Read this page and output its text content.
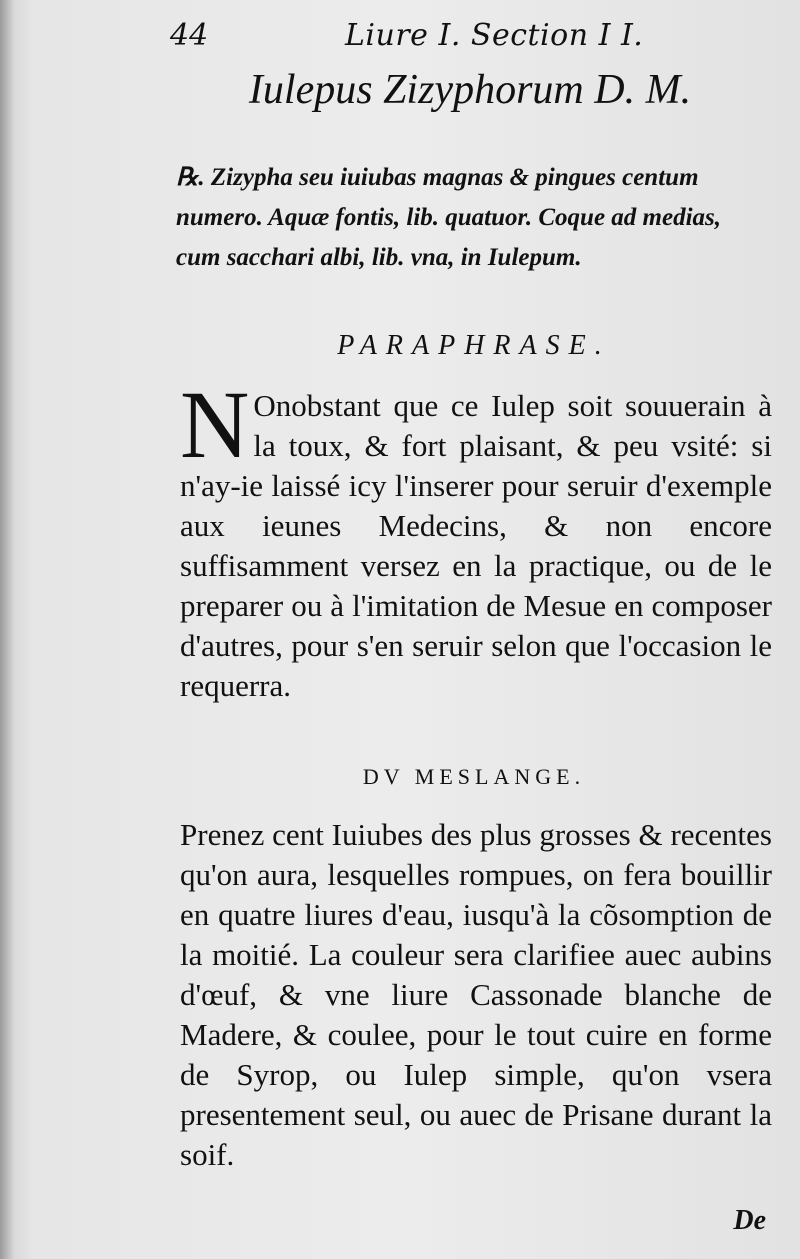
44	Liure I. Section I I.
Iulepus Zizyphorum D. M.
℞. Zizypha seu iuiubas magnas & pingues centum numero. Aquæ fontis, lib. quatuor. Coque ad medias, cum sacchari albi, lib. vna, in Iulepum.
PARAPHRASE.
N Onobstant que ce Iulep soit souuerain à la toux, & fort plaisant, & peu vsité: si n'ay-ie laissé icy l'inserer pour seruir d'exemple aux ieunes Medecins, & non encore suffisamment versez en la practique, ou de le preparer ou à l'imitation de Mesue en composer d'autres, pour s'en seruir selon que l'occasion le requerra.
DV MESLANGE.
Prenez cent Iuiubes des plus grosses & recentes qu'on aura, lesquelles rompues, on fera bouillir en quatre liures d'eau, iusqu'à la cõsomption de la moitié. La couleur sera clarifiee auec aubins d'œuf, & vne liure Cassonade blanche de Madere, & coulee, pour le tout cuire en forme de Syrop, ou Iulep simple, qu'on vsera presentement seul, ou auec de Prisane durant la soif.
De
